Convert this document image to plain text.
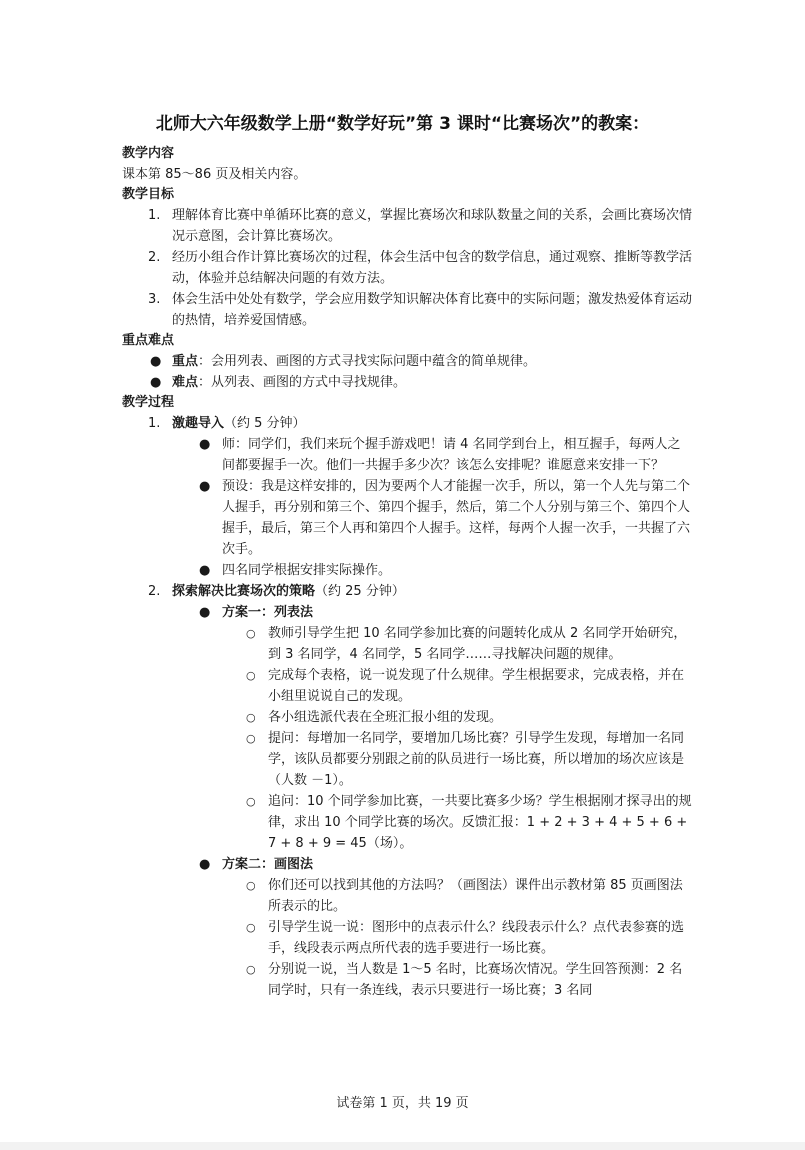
北师大六年级数学上册“数学好玩”第 3 课时“比赛场次”的教案：
教学内容

课本第 85～86 页及相关内容。

教学目标
1. 理解体育比赛中单循环比赛的意义，掌握比赛场次和球队数量之间的关系，会画比赛场次情况示意图，会计算比赛场次。
2. 经历小组合作计算比赛场次的过程，体会生活中包含的数学信息，通过观察、推断等教学活动，体验并总结解决问题的有效方法。
3. 体会生活中处处有数学，学会应用数学知识解决体育比赛中的实际问题；激发热爱体育运动的热情，培养爱国情感。
重点难点
● 重点：会用列表、画图的方式寻找实际问题中蕴含的简单规律。
● 难点：从列表、画图的方式中寻找规律。
教学过程
1. 激趣导入（约 5 分钟）
● 师：同学们，我们来玩个握手游戏吧！请 4 名同学到台上，相互握手，每两人之间都要握手一次。他们一共握手多少次？该怎么安排呢？谁愿意来安排一下？
● 预设：我是这样安排的，因为要两个人才能握一次手，所以，第一个人先与第二个人握手，再分别和第三个、第四个握手，然后，第二个人分别与第三个、第四个人握手，最后，第三个人再和第四个人握手。这样，每两个人握一次手，一共握了六次手。
● 四名同学根据安排实际操作。
2. 探索解决比赛场次的策略（约 25 分钟）
● 方案一：列表法
○ 教师引导学生把 10 名同学参加比赛的问题转化成从 2 名同学开始研究，到 3 名同学，4 名同学，5 名同学……寻找解决问题的规律。
○ 完成每个表格，说一说发现了什么规律。学生根据要求，完成表格，并在小组里说说自己的发现。
○ 各小组选派代表在全班汇报小组的发现。
○ 提问：每增加一名同学，要增加几场比赛？引导学生发现，每增加一名同学，该队员都要分别跟之前的队员进行一场比赛，所以增加的场次应该是（人数 －1）。
○ 追问：10 个同学参加比赛，一共要比赛多少场？学生根据刚才探寻出的规律，求出 10 个同学比赛的场次。反馈汇报：1 + 2 + 3 + 4 + 5 + 6 + 7 + 8 + 9 = 45（场）。
● 方案二：画图法
○ 你们还可以找到其他的方法吗？（画图法）课件出示教材第 85 页画图法所表示的比。
○ 引导学生说一说：图形中的点表示什么？线段表示什么？点代表参赛的选手，线段表示两点所代表的选手要进行一场比赛。
○ 分别说一说，当人数是 1～5 名时，比赛场次情况。学生回答预测：2 名同学时，只有一条连线，表示只要进行一场比赛；3 名同
试卷第 1 页，共 19 页
